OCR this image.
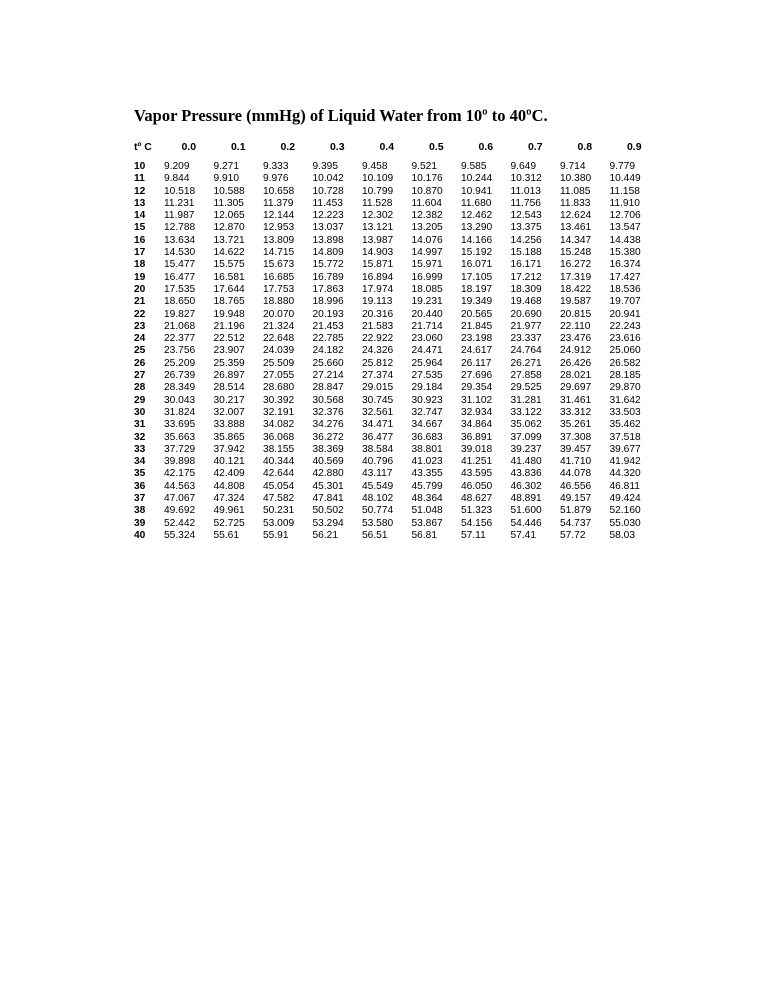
Vapor Pressure (mmHg) of Liquid Water from 10º to 40ºC.
tº C	0.0	0.1	0.2	0.3	0.4	0.5	0.6	0.7	0.8	0.9
10	9.209	9.271	9.333	9.395	9.458	9.521	9.585	9.649	9.714	9.779
11	9.844	9.910	9.976	10.042	10.109	10.176	10.244	10.312	10.380	10.449
12	10.518	10.588	10.658	10.728	10.799	10.870	10.941	11.013	11.085	11.158
13	11.231	11.305	11.379	11.453	11.528	11.604	11.680	11.756	11.833	11.910
14	11.987	12.065	12.144	12.223	12.302	12.382	12.462	12.543	12.624	12.706
15	12.788	12.870	12.953	13.037	13.121	13.205	13.290	13.375	13.461	13.547
16	13.634	13.721	13.809	13.898	13.987	14.076	14.166	14.256	14.347	14.438
17	14.530	14.622	14.715	14.809	14.903	14.997	15.192	15.188	15.248	15.380
18	15.477	15.575	15.673	15.772	15.871	15.971	16.071	16.171	16.272	16.374
19	16.477	16.581	16.685	16.789	16.894	16.999	17.105	17.212	17.319	17.427
20	17.535	17.644	17.753	17.863	17.974	18.085	18.197	18.309	18.422	18.536
21	18.650	18.765	18.880	18.996	19.113	19.231	19.349	19.468	19.587	19.707
22	19.827	19.948	20.070	20.193	20.316	20.440	20.565	20.690	20.815	20.941
23	21.068	21.196	21.324	21.453	21.583	21.714	21.845	21.977	22.110	22.243
24	22.377	22.512	22.648	22.785	22.922	23.060	23.198	23.337	23.476	23.616
25	23.756	23.907	24.039	24.182	24.326	24.471	24.617	24.764	24.912	25.060
26	25.209	25.359	25.509	25.660	25.812	25.964	26.117	26.271	26.426	26.582
27	26.739	26.897	27.055	27.214	27.374	27.535	27.696	27.858	28.021	28.185
28	28.349	28.514	28.680	28.847	29.015	29.184	29.354	29.525	29.697	29.870
29	30.043	30.217	30.392	30.568	30.745	30.923	31.102	31.281	31.461	31.642
30	31.824	32.007	32.191	32.376	32.561	32.747	32.934	33.122	33.312	33.503
31	33.695	33.888	34.082	34.276	34.471	34.667	34.864	35.062	35.261	35.462
32	35.663	35.865	36.068	36.272	36.477	36.683	36.891	37.099	37.308	37.518
33	37.729	37.942	38.155	38.369	38.584	38.801	39.018	39.237	39.457	39.677
34	39.898	40.121	40.344	40.569	40.796	41.023	41.251	41.480	41.710	41.942
35	42.175	42.409	42.644	42.880	43.117	43.355	43.595	43.836	44.078	44.320
36	44.563	44.808	45.054	45.301	45.549	45.799	46.050	46.302	46.556	46.811
37	47.067	47.324	47.582	47.841	48.102	48.364	48.627	48.891	49.157	49.424
38	49.692	49.961	50.231	50.502	50.774	51.048	51.323	51.600	51.879	52.160
39	52.442	52.725	53.009	53.294	53.580	53.867	54.156	54.446	54.737	55.030
40	55.324	55.61	55.91	56.21	56.51	56.81	57.11	57.41	57.72	58.03
